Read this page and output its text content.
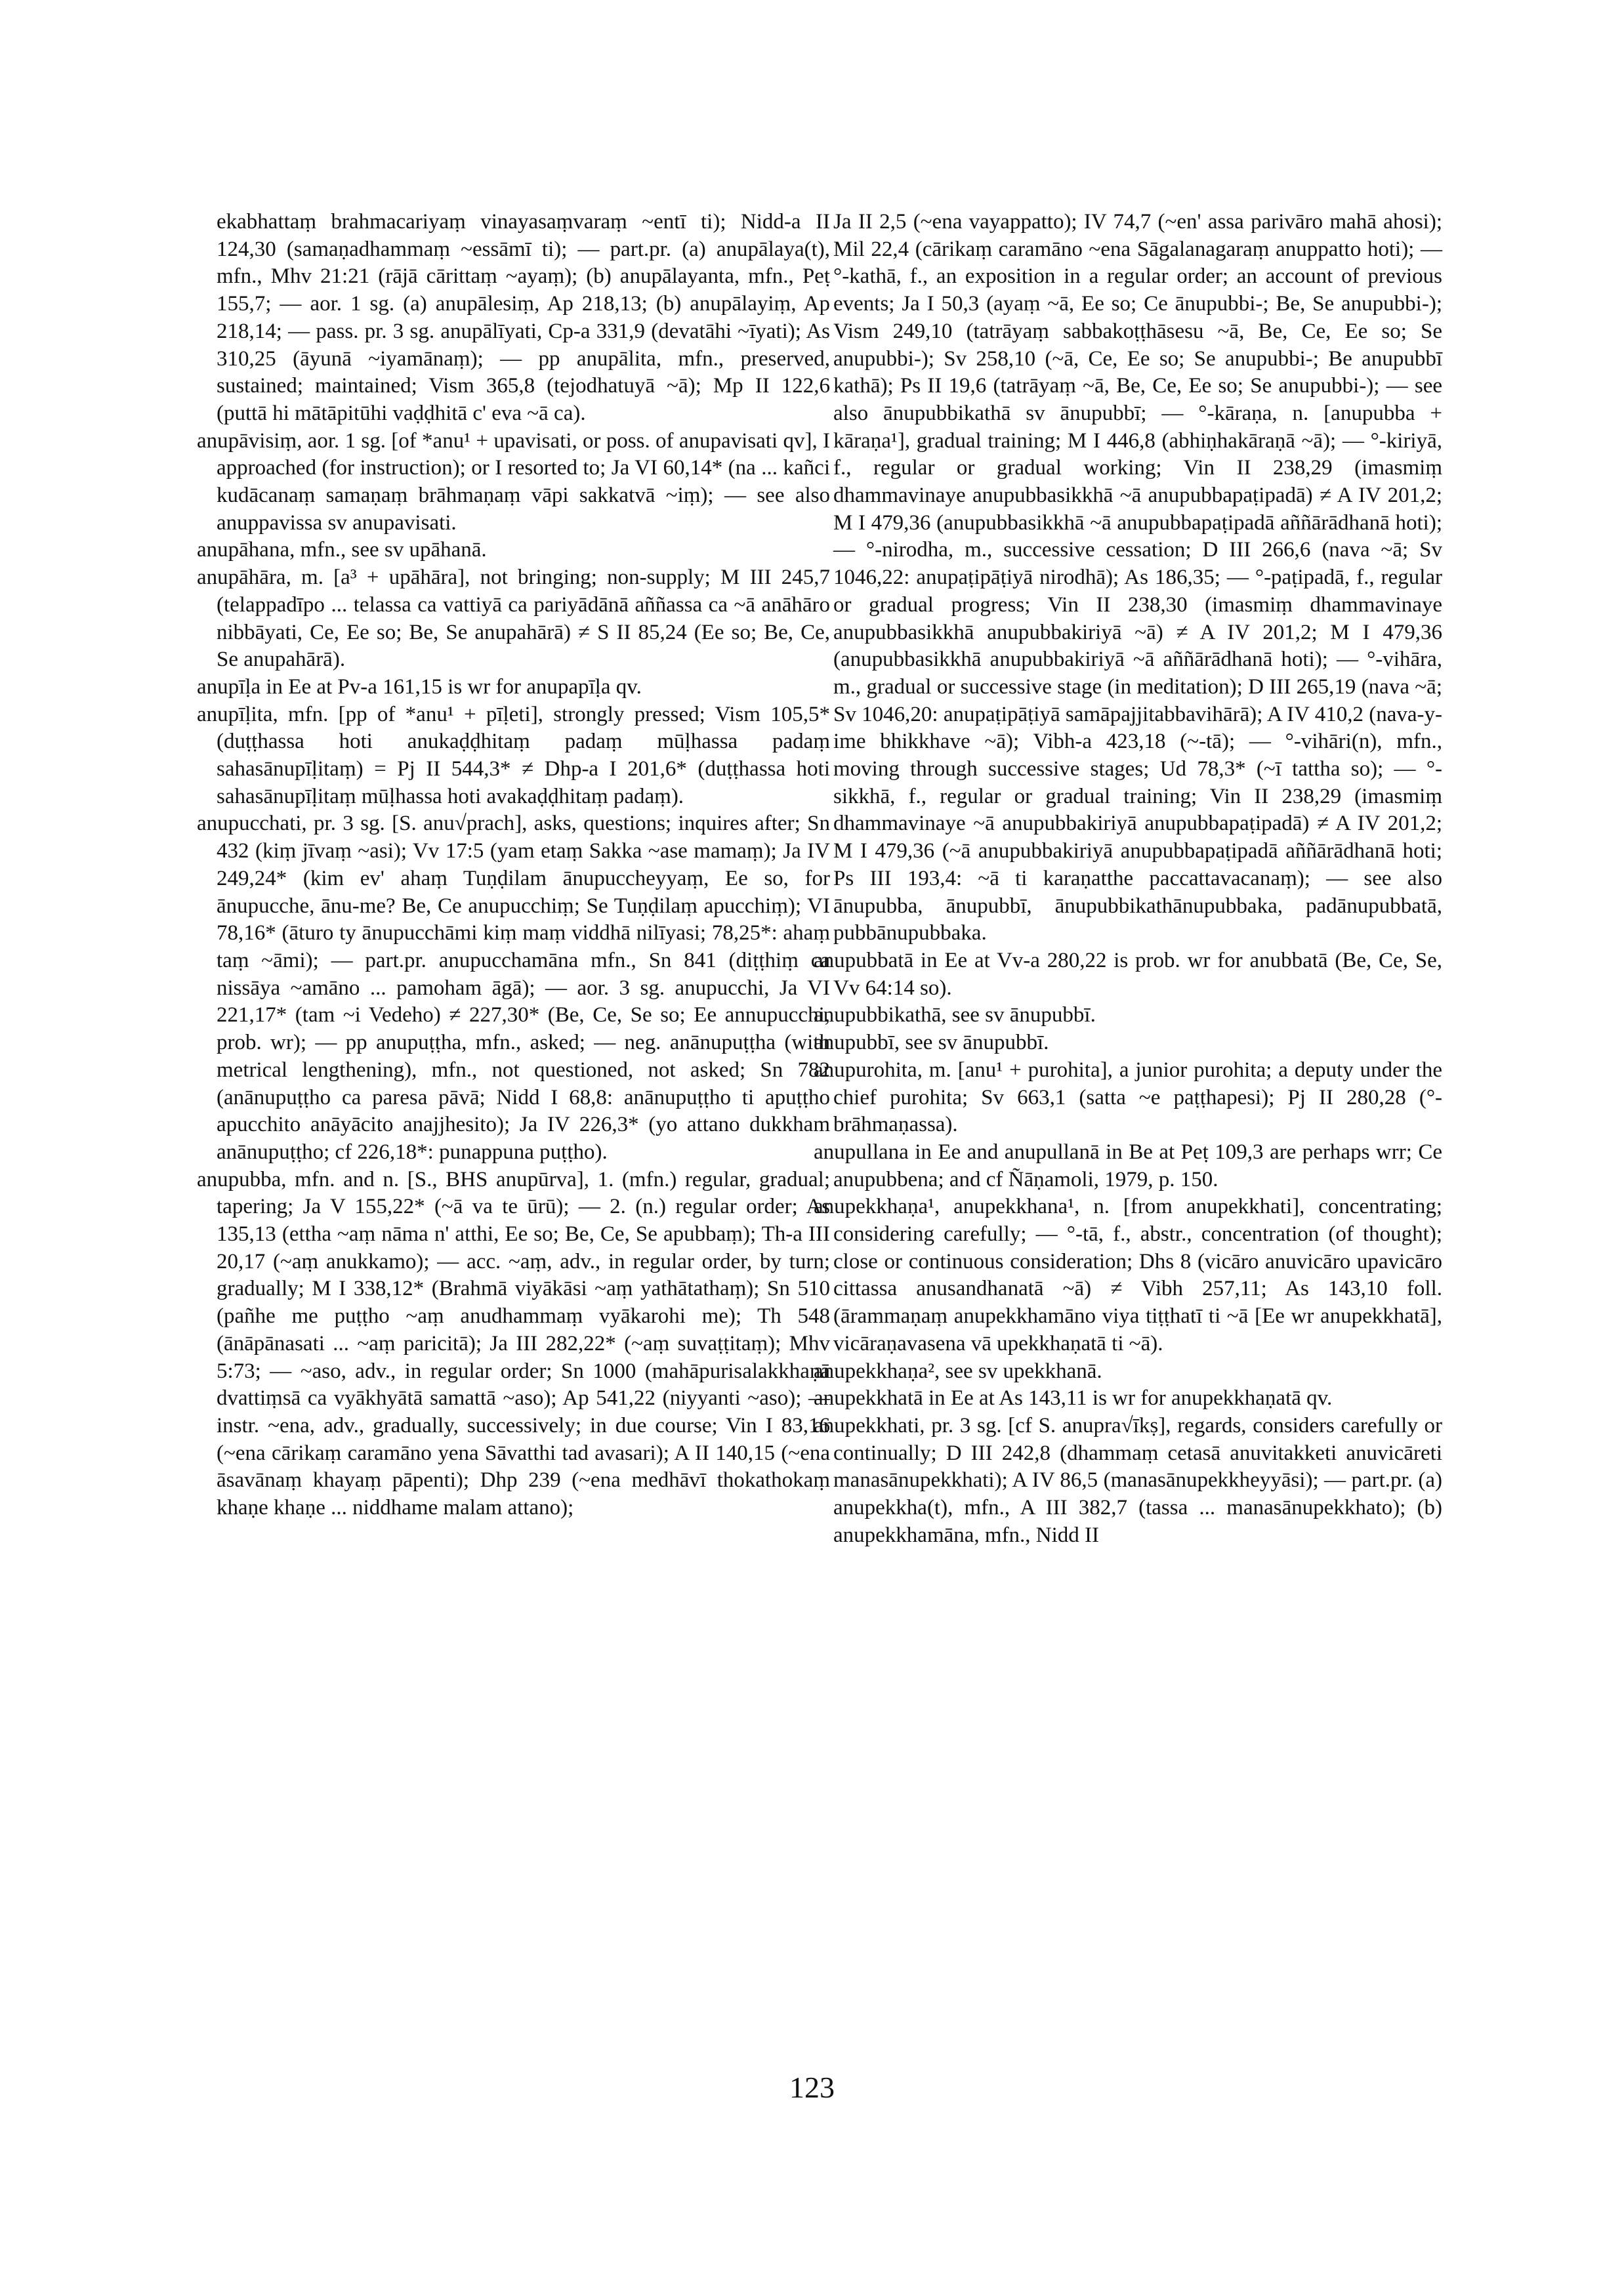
ekabhattaṃ brahmacariyaṃ vinayasaṃvaraṃ ~entī ti); Nidd-a II 124,30 (samaṇadhammaṃ ~essāmī ti); — part.pr. (a) anupālaya(t), mfn., Mhv 21:21 (rājā cārittaṃ ~ayaṃ); (b) anupālayanta, mfn., Peṭ 155,7; — aor. 1 sg. (a) anupālesiṃ, Ap 218,13; (b) anupālayiṃ, Ap 218,14; — pass. pr. 3 sg. anupālīyati, Cp-a 331,9 (devatāhi ~īyati); As 310,25 (āyunā ~iyamānaṃ); — pp anupālita, mfn., preserved, sustained; maintained; Vism 365,8 (tejodhatuyā ~ā); Mp II 122,6 (puttā hi mātāpitūhi vaḍḍhitā c' eva ~ā ca).

anupāvisiṃ, aor. 1 sg. [of *anu¹ + upavisati, or poss. of anupavisati qv], I approached (for instruction); or I resorted to; Ja VI 60,14* (na ... kañci kudācanaṃ samaṇaṃ brāhmaṇaṃ vāpi sakkatvā ~iṃ); — see also anuppavissa sv anupavisati.

anupāhana, mfn., see sv upāhanā.

anupāhāra, m. [a³ + upāhāra], not bringing; non-supply; M III 245,7 (telappadīpo ... telassa ca vattiyā ca pariyādānā aññassa ca ~ā anāhāro nibbāyati, Ce, Ee so; Be, Se anupahārā) ≠ S II 85,24 (Ee so; Be, Ce, Se anupahārā).

anupīḷa in Ee at Pv-a 161,15 is wr for anupapīḷa qv.

anupīḷita, mfn. [pp of *anu¹ + pīḷeti], strongly pressed; Vism 105,5* (duṭṭhassa hoti anukaḍḍhitaṃ padaṃ mūḷhassa padaṃ sahasānupīḷitaṃ) = Pj II 544,3* ≠ Dhp-a I 201,6* (duṭṭhassa hoti sahasānupīḷitaṃ mūḷhassa hoti avakaḍḍhitaṃ padaṃ).

anupucchati, pr. 3 sg. [S. anu√prach], asks, questions; inquires after; Sn 432 (kiṃ jīvaṃ ~asi); Vv 17:5 (yam etaṃ Sakka ~ase mamaṃ); Ja IV 249,24* (kim ev' ahaṃ Tuṇḍilam ānupuccheyyaṃ, Ee so, for ānupucche, ānu-me? Be, Ce anupucchiṃ; Se Tuṇḍilaṃ apucchiṃ); VI 78,16* (āturo ty ānupucchāmi kiṃ maṃ viddhā nilīyasi; 78,25*: ahaṃ taṃ ~āmi); — part.pr. anupucchamāna mfn., Sn 841 (diṭṭhiṃ ca nissāya ~amāno ... pamoham āgā); — aor. 3 sg. anupucchi, Ja VI 221,17* (tam ~i Vedeho) ≠ 227,30* (Be, Ce, Se so; Ee annupucchi, prob. wr); — pp anupuṭṭha, mfn., asked; — neg. anānupuṭṭha (with metrical lengthening), mfn., not questioned, not asked; Sn 782 (anānupuṭṭho ca paresa pāvā; Nidd I 68,8: anānupuṭṭho ti apuṭṭho apucchito anāyācito anajjhesito); Ja IV 226,3* (yo attano dukkham anānupuṭṭho; cf 226,18*: punappuna puṭṭho).

anupubba, mfn. and n. [S., BHS anupūrva], 1. (mfn.) regular, gradual; tapering; Ja V 155,22* (~ā va te ūrū); — 2. (n.) regular order; As 135,13 (ettha ~aṃ nāma n' atthi, Ee so; Be, Ce, Se apubbaṃ); Th-a III 20,17 (~aṃ anukkamo); — acc. ~aṃ, adv., in regular order, by turn; gradually; M I 338,12* (Brahmā viyākāsi ~aṃ yathātathaṃ); Sn 510 (pañhe me puṭṭho ~aṃ anudhammaṃ vyākarohi me); Th 548 (ānāpānasati ... ~aṃ paricitā); Ja III 282,22* (~aṃ suvaṭṭitaṃ); Mhv 5:73; — ~aso, adv., in regular order; Sn 1000 (mahāpurisalakkhaṇā dvattiṃsā ca vyākhyātā samattā ~aso); Ap 541,22 (niyyanti ~aso); — instr. ~ena, adv., gradually, successively; in due course; Vin I 83,16 (~ena cārikaṃ caramāno yena Sāvatthi tad avasari); A II 140,15 (~ena āsavānaṃ khayaṃ pāpenti); Dhp 239 (~ena medhāvī thokathokaṃ khaṇe khaṇe ... niddhame malam attano);

Ja II 2,5 (~ena vayappatto); IV 74,7 (~en' assa parivāro mahā ahosi); Mil 22,4 (cārikaṃ caramāno ~ena Sāgalanagaraṃ anuppatto hoti); — °-kathā, f., an exposition in a regular order; an account of previous events; Ja I 50,3 (ayaṃ ~ā, Ee so; Ce ānupubbi-; Be, Se anupubbi-); Vism 249,10 (tatrāyaṃ sabbakoṭṭhāsesu ~ā, Be, Ce, Ee so; Se anupubbi-); Sv 258,10 (~ā, Ce, Ee so; Se anupubbi-; Be anupubbī kathā); Ps II 19,6 (tatrāyaṃ ~ā, Be, Ce, Ee so; Se anupubbi-); — see also ānupubbikathā sv ānupubbī; — °-kāraṇa, n. [anupubba + kāraṇa¹], gradual training; M I 446,8 (abhiṇhakāraṇā ~ā); — °-kiriyā, f., regular or gradual working; Vin II 238,29 (imasmiṃ dhammavinaye anupubbasikkhā ~ā anupubbapaṭipadā) ≠ A IV 201,2; M I 479,36 (anupubbasikkhā ~ā anupubbapaṭipadā aññārādhanā hoti); — °-nirodha, m., successive cessation; D III 266,6 (nava ~ā; Sv 1046,22: anupaṭipāṭiyā nirodhā); As 186,35; — °-paṭipadā, f., regular or gradual progress; Vin II 238,30 (imasmiṃ dhammavinaye anupubbasikkhā anupubbakiriyā ~ā) ≠ A IV 201,2; M I 479,36 (anupubbasikkhā anupubbakiriyā ~ā aññārādhanā hoti); — °-vihāra, m., gradual or successive stage (in meditation); D III 265,19 (nava ~ā; Sv 1046,20: anupaṭipāṭiyā samāpajjitabbavihārā); A IV 410,2 (nava-y-ime bhikkhave ~ā); Vibh-a 423,18 (~-tā); — °-vihāri(n), mfn., moving through successive stages; Ud 78,3* (~ī tattha so); — °-sikkhā, f., regular or gradual training; Vin II 238,29 (imasmiṃ dhammavinaye ~ā anupubbakiriyā anupubbapaṭipadā) ≠ A IV 201,2; M I 479,36 (~ā anupubbakiriyā anupubbapaṭipadā aññārādhanā hoti; Ps III 193,4: ~ā ti karaṇatthe paccattavacanaṃ); — see also ānupubba, ānupubbī, ānupubbikathānupubbaka, padānupubbatā, pubbānupubbaka.

anupubbatā in Ee at Vv-a 280,22 is prob. wr for anubbatā (Be, Ce, Se, Vv 64:14 so).

anupubbikathā, see sv ānupubbī.

anupubbī, see sv ānupubbī.

anupurohita, m. [anu¹ + purohita], a junior purohita; a deputy under the chief purohita; Sv 663,1 (satta ~e paṭṭhapesi); Pj II 280,28 (°-brāhmaṇassa).

anupullana in Ee and anupullanā in Be at Peṭ 109,3 are perhaps wrr; Ce anupubbena; and cf Ñāṇamoli, 1979, p. 150.

anupekkhaṇa¹, anupekkhana¹, n. [from anupekkhati], concentrating; considering carefully; — °-tā, f., abstr., concentration (of thought); close or continuous consideration; Dhs 8 (vicāro anuvicāro upavicāro cittassa anusandhanatā ~ā) ≠ Vibh 257,11; As 143,10 foll. (ārammaṇaṃ anupekkhamāno viya tiṭṭhatī ti ~ā [Ee wr anupekkhatā], vicāraṇavasena vā upekkhaṇatā ti ~ā).

anupekkhaṇa², see sv upekkhanā.

anupekkhatā in Ee at As 143,11 is wr for anupekkhaṇatā qv.

anupekkhati, pr. 3 sg. [cf S. anupra√īkṣ], regards, considers carefully or continually; D III 242,8 (dhammaṃ cetasā anuvitakketi anuvicāreti manasānupekkhati); A IV 86,5 (manasānupekkheyyāsi); — part.pr. (a) anupekkha(t), mfn., A III 382,7 (tassa ... manasānupekkhato); (b) anupekkhamāna, mfn., Nidd II

123
